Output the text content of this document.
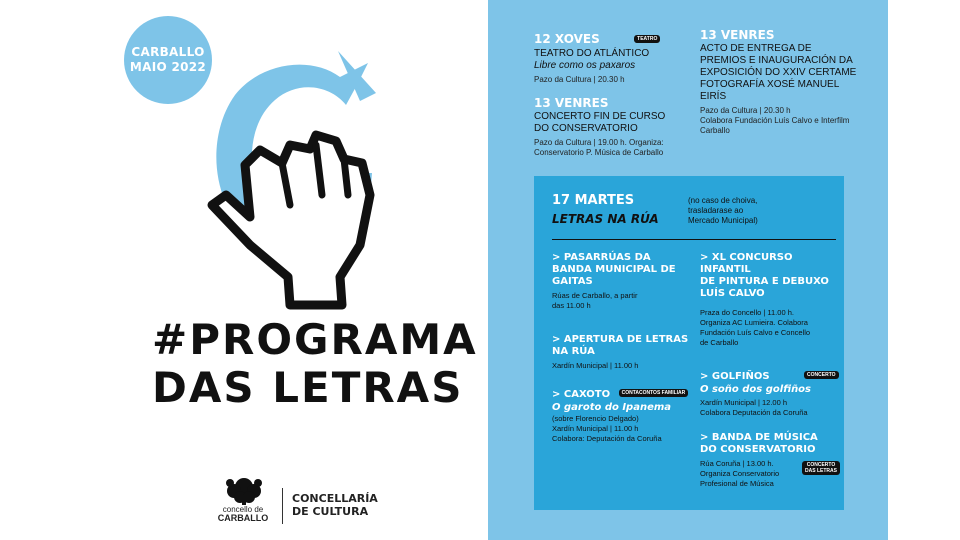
CARBALLO
MAIO 2022
#PROGRAMA
DAS LETRAS
concello de
CARBALLO
CONCELLARÍA
DE CULTURA
12 XOVES	TEATRO
TEATRO DO ATLÁNTICO
Libre como os paxaros
Pazo da Cultura | 20.30 h
13 VENRES
CONCERTO FIN DE CURSO
DO CONSERVATORIO
Pazo da Cultura | 19.00 h. Organiza:
Conservatorio P. Música de Carballo
13 VENRES
ACTO DE ENTREGA DE
PREMIOS E INAUGURACIÓN DA
EXPOSICIÓN DO XXIV CERTAME
FOTOGRAFÍA XOSÉ MANUEL
EIRÍS
Pazo da Cultura | 20.30 h
Colabora Fundación Luís Calvo e Interfilm
Carballo
17 MARTES
LETRAS NA RÚA
(no caso de choiva,
trasladarase ao
Mercado Municipal)
> PASARRÚAS DA
BANDA MUNICIPAL DE
GAITAS
Rúas de Carballo, a partir
das 11.00 h
> APERTURA DE LETRAS
NA RÚA
Xardín Municipal | 11.00 h
> CAXOTO CONTACONTOS FAMILIAR
O garoto do Ipanema
(sobre Florencio Delgado)
Xardín Municipal | 11.00 h
Colabora: Deputación da Coruña
> XL CONCURSO
INFANTIL
DE PINTURA E DEBUXO
LUÍS CALVO
Praza do Concello | 11.00 h.
Organiza AC Lumieira. Colabora
Fundación Luís Calvo e Concello
de Carballo
> GOLFIÑOS	CONCERTO
O soño dos golfiños
Xardín Municipal | 12.00 h
Colabora Deputación da Coruña
> BANDA DE MÚSICA
DO CONSERVATORIO
Rúa Coruña | 13.00 h.
Organiza Conservatorio
Profesional de Música
CONCERTO
DAS LETRAS
